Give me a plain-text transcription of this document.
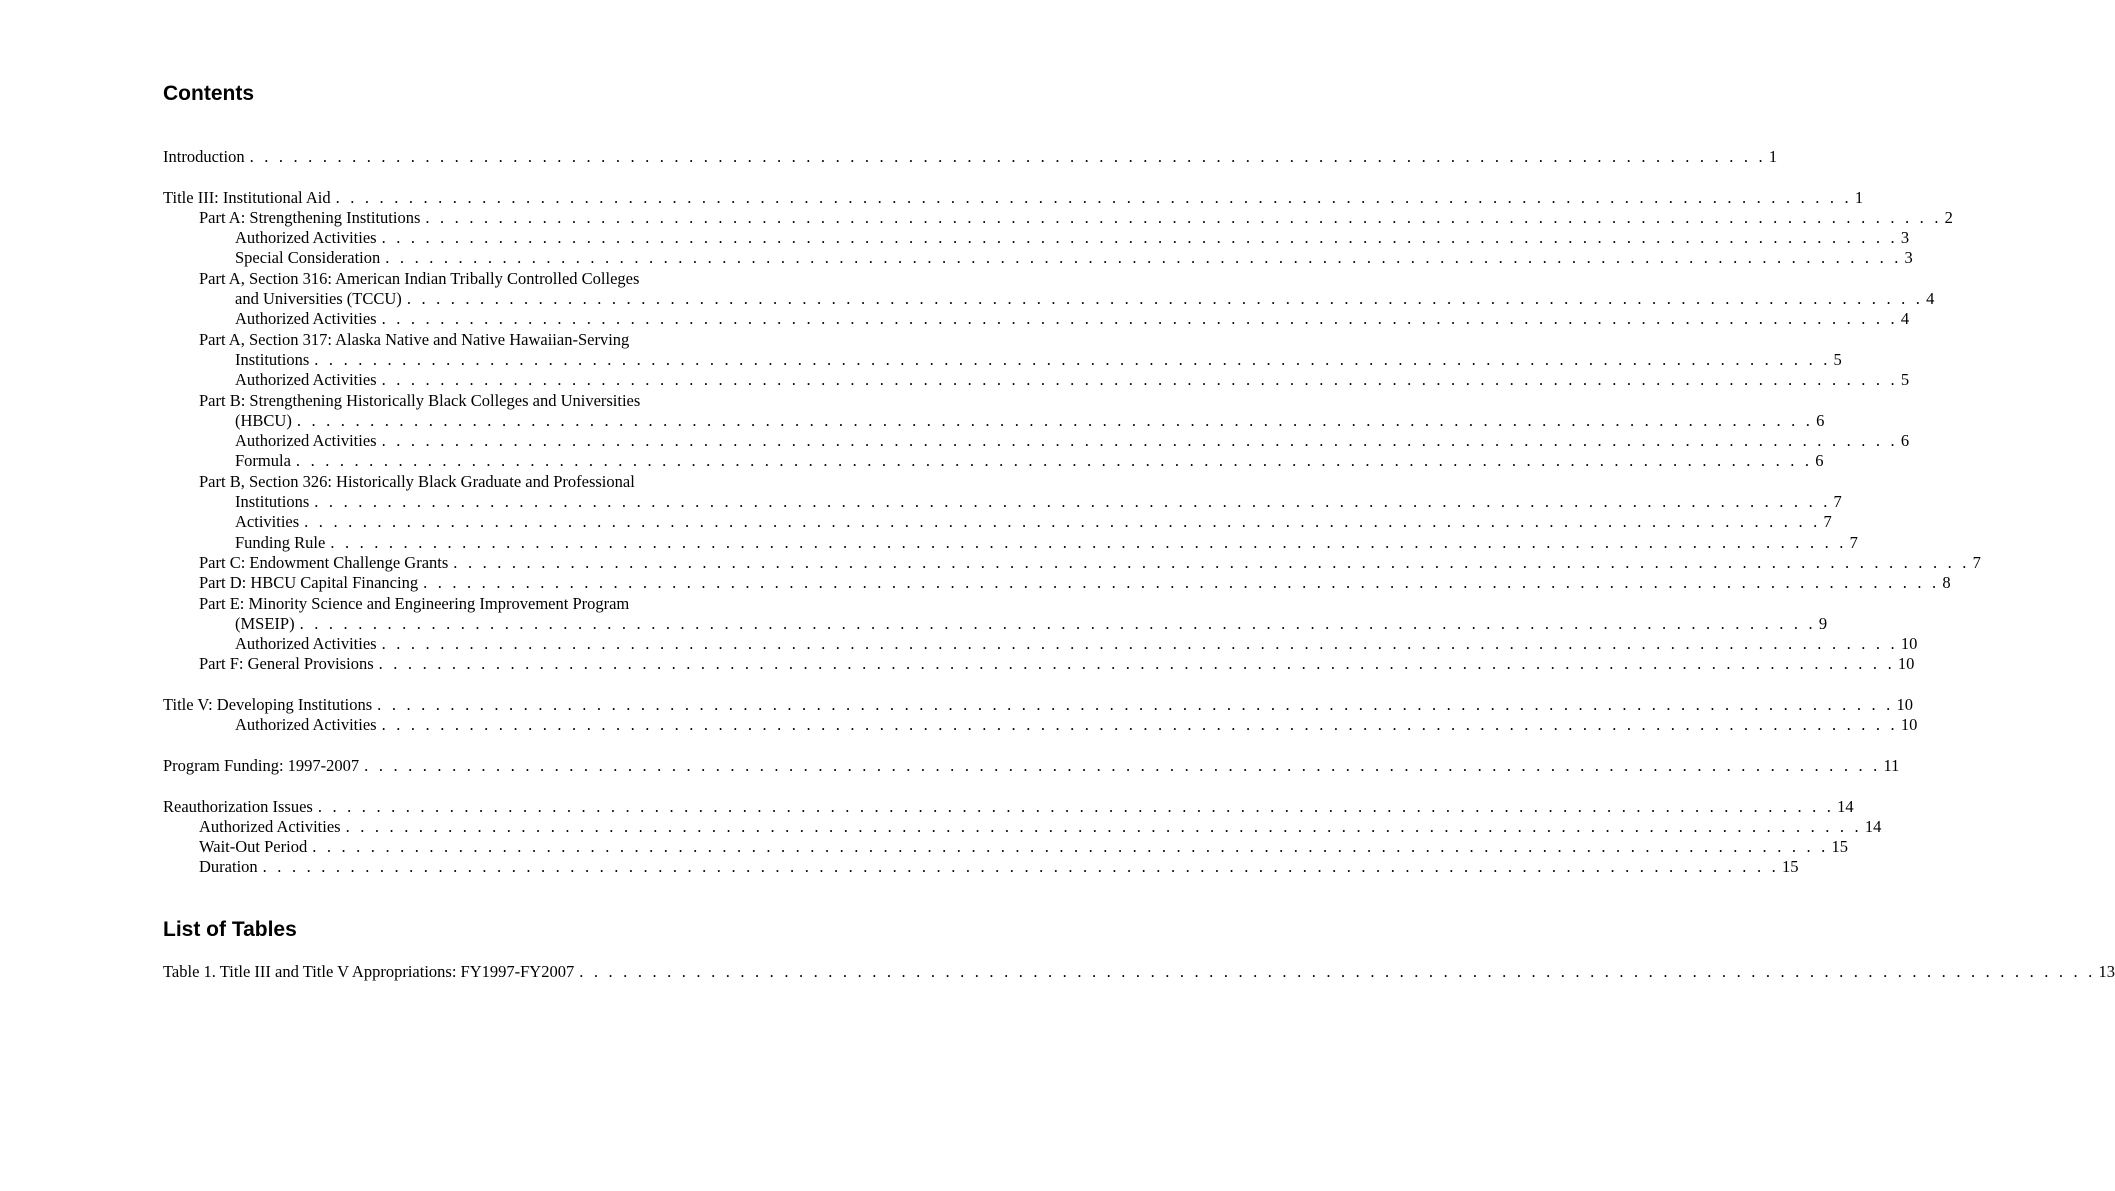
Contents
Introduction . . . . . . . . . . . . . . . . . . . . . . . . . . . . . . . . . . . . . . . . . . . . . . . . . . . . . . . . . . . . . . . . . . . . . . . . . . . . . . . . . . . . . . . . . . . . . . . . . . . . . . . . 1
Title III: Institutional Aid . . . . . . . . . . . . . . . . . . . . . . . . . . . . . . . . . . . . . . . . . . . . . . . . . . . . . . . . . . . . . . . . . . . . . . . . . . . . . . . . . . . . . . . . . . . . . . . . . . . . . . . . 1
Part A: Strengthening Institutions . . . . . . . . . . . . . . . . . . . . . . . . . . . . . . . . . . . . . . . . . . . . . . . . . . . . . . . . . . . . . . . . . . . . . . . . . . . . . . . . . . . . . . . . . . . . . . . . . . . . . . . . 2
Authorized Activities . . . . . . . . . . . . . . . . . . . . . . . . . . . . . . . . . . . . . . . . . . . . . . . . . . . . . . . . . . . . . . . . . . . . . . . . . . . . . . . . . . . . . . . . . . . . . . . . . . . . . . . . 3
Special Consideration . . . . . . . . . . . . . . . . . . . . . . . . . . . . . . . . . . . . . . . . . . . . . . . . . . . . . . . . . . . . . . . . . . . . . . . . . . . . . . . . . . . . . . . . . . . . . . . . . . . . . . . . 3
Part A, Section 316: American Indian Tribally Controlled Colleges
and Universities (TCCU) . . . . . . . . . . . . . . . . . . . . . . . . . . . . . . . . . . . . . . . . . . . . . . . . . . . . . . . . . . . . . . . . . . . . . . . . . . . . . . . . . . . . . . . . . . . . . . . . . . . . . . . . 4
Authorized Activities . . . . . . . . . . . . . . . . . . . . . . . . . . . . . . . . . . . . . . . . . . . . . . . . . . . . . . . . . . . . . . . . . . . . . . . . . . . . . . . . . . . . . . . . . . . . . . . . . . . . . . . . 4
Part A, Section 317: Alaska Native and Native Hawaiian-Serving
Institutions . . . . . . . . . . . . . . . . . . . . . . . . . . . . . . . . . . . . . . . . . . . . . . . . . . . . . . . . . . . . . . . . . . . . . . . . . . . . . . . . . . . . . . . . . . . . . . . . . . . . . . . . 5
Authorized Activities . . . . . . . . . . . . . . . . . . . . . . . . . . . . . . . . . . . . . . . . . . . . . . . . . . . . . . . . . . . . . . . . . . . . . . . . . . . . . . . . . . . . . . . . . . . . . . . . . . . . . . . . 5
Part B: Strengthening Historically Black Colleges and Universities
(HBCU) . . . . . . . . . . . . . . . . . . . . . . . . . . . . . . . . . . . . . . . . . . . . . . . . . . . . . . . . . . . . . . . . . . . . . . . . . . . . . . . . . . . . . . . . . . . . . . . . . . . . . . . . 6
Authorized Activities . . . . . . . . . . . . . . . . . . . . . . . . . . . . . . . . . . . . . . . . . . . . . . . . . . . . . . . . . . . . . . . . . . . . . . . . . . . . . . . . . . . . . . . . . . . . . . . . . . . . . . . . 6
Formula . . . . . . . . . . . . . . . . . . . . . . . . . . . . . . . . . . . . . . . . . . . . . . . . . . . . . . . . . . . . . . . . . . . . . . . . . . . . . . . . . . . . . . . . . . . . . . . . . . . . . . . . 6
Part B, Section 326: Historically Black Graduate and Professional
Institutions . . . . . . . . . . . . . . . . . . . . . . . . . . . . . . . . . . . . . . . . . . . . . . . . . . . . . . . . . . . . . . . . . . . . . . . . . . . . . . . . . . . . . . . . . . . . . . . . . . . . . . . . 7
Activities . . . . . . . . . . . . . . . . . . . . . . . . . . . . . . . . . . . . . . . . . . . . . . . . . . . . . . . . . . . . . . . . . . . . . . . . . . . . . . . . . . . . . . . . . . . . . . . . . . . . . . . . 7
Funding Rule . . . . . . . . . . . . . . . . . . . . . . . . . . . . . . . . . . . . . . . . . . . . . . . . . . . . . . . . . . . . . . . . . . . . . . . . . . . . . . . . . . . . . . . . . . . . . . . . . . . . . . . . 7
Part C: Endowment Challenge Grants . . . . . . . . . . . . . . . . . . . . . . . . . . . . . . . . . . . . . . . . . . . . . . . . . . . . . . . . . . . . . . . . . . . . . . . . . . . . . . . . . . . . . . . . . . . . . . . . . . . . . . . . 7
Part D: HBCU Capital Financing . . . . . . . . . . . . . . . . . . . . . . . . . . . . . . . . . . . . . . . . . . . . . . . . . . . . . . . . . . . . . . . . . . . . . . . . . . . . . . . . . . . . . . . . . . . . . . . . . . . . . . . . 8
Part E: Minority Science and Engineering Improvement Program
(MSEIP) . . . . . . . . . . . . . . . . . . . . . . . . . . . . . . . . . . . . . . . . . . . . . . . . . . . . . . . . . . . . . . . . . . . . . . . . . . . . . . . . . . . . . . . . . . . . . . . . . . . . . . . . 9
Authorized Activities . . . . . . . . . . . . . . . . . . . . . . . . . . . . . . . . . . . . . . . . . . . . . . . . . . . . . . . . . . . . . . . . . . . . . . . . . . . . . . . . . . . . . . . . . . . . . . . . . . . . . . . . 10
Part F: General Provisions . . . . . . . . . . . . . . . . . . . . . . . . . . . . . . . . . . . . . . . . . . . . . . . . . . . . . . . . . . . . . . . . . . . . . . . . . . . . . . . . . . . . . . . . . . . . . . . . . . . . . . . . 10
Title V: Developing Institutions . . . . . . . . . . . . . . . . . . . . . . . . . . . . . . . . . . . . . . . . . . . . . . . . . . . . . . . . . . . . . . . . . . . . . . . . . . . . . . . . . . . . . . . . . . . . . . . . . . . . . . . . 10
Authorized Activities . . . . . . . . . . . . . . . . . . . . . . . . . . . . . . . . . . . . . . . . . . . . . . . . . . . . . . . . . . . . . . . . . . . . . . . . . . . . . . . . . . . . . . . . . . . . . . . . . . . . . . . . 10
Program Funding: 1997-2007 . . . . . . . . . . . . . . . . . . . . . . . . . . . . . . . . . . . . . . . . . . . . . . . . . . . . . . . . . . . . . . . . . . . . . . . . . . . . . . . . . . . . . . . . . . . . . . . . . . . . . . . . 11
Reauthorization Issues . . . . . . . . . . . . . . . . . . . . . . . . . . . . . . . . . . . . . . . . . . . . . . . . . . . . . . . . . . . . . . . . . . . . . . . . . . . . . . . . . . . . . . . . . . . . . . . . . . . . . . . . 14
Authorized Activities . . . . . . . . . . . . . . . . . . . . . . . . . . . . . . . . . . . . . . . . . . . . . . . . . . . . . . . . . . . . . . . . . . . . . . . . . . . . . . . . . . . . . . . . . . . . . . . . . . . . . . . . 14
Wait-Out Period . . . . . . . . . . . . . . . . . . . . . . . . . . . . . . . . . . . . . . . . . . . . . . . . . . . . . . . . . . . . . . . . . . . . . . . . . . . . . . . . . . . . . . . . . . . . . . . . . . . . . . . . 15
Duration . . . . . . . . . . . . . . . . . . . . . . . . . . . . . . . . . . . . . . . . . . . . . . . . . . . . . . . . . . . . . . . . . . . . . . . . . . . . . . . . . . . . . . . . . . . . . . . . . . . . . . . . 15
List of Tables
Table 1. Title III and Title V Appropriations: FY1997-FY2007 . . . . . . . . . . . . . . . . . . . . . . . . . . . . . . . . . . . . . . . . . . . . . . . . . . . . . . . . . . . . . . . . . . . . . . . . . . . . . . . . . . . . . . . . . . . . . . . . . . . . . . . . 13
